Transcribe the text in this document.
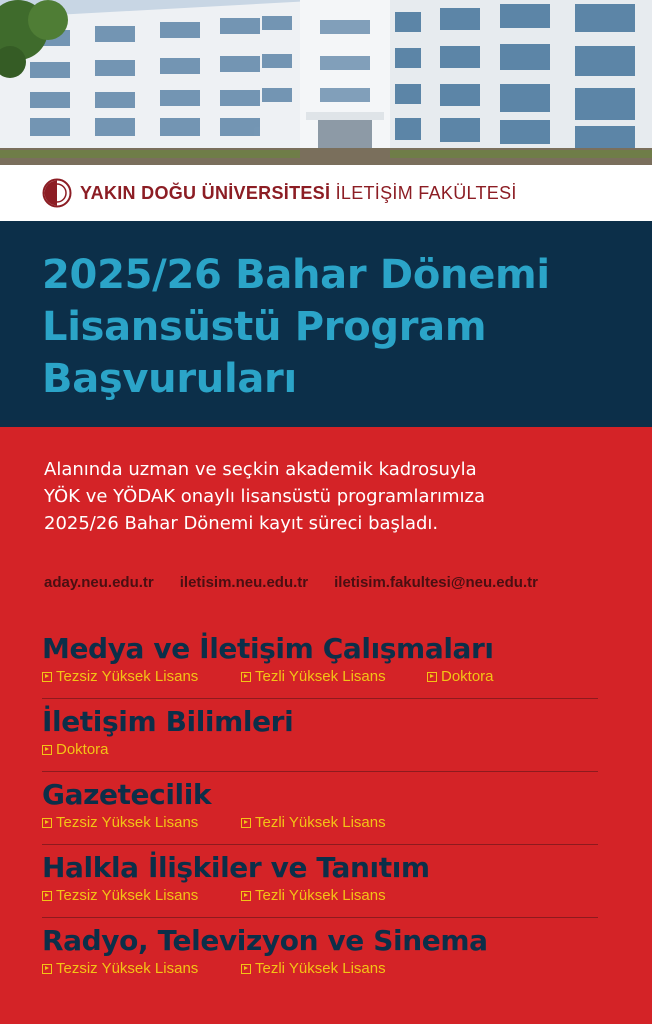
YAKIN DOĞU ÜNİVERSİTESİ İLETİŞİM FAKÜLTESİ
2025/26 Bahar Dönemi
Lisansüstü Program
Başvuruları

Alanında uzman ve seçkin akademik kadrosuyla
YÖK ve YÖDAK onaylı lisansüstü programlarımıza
2025/26 Bahar Dönemi kayıt süreci başladı.

aday.neu.edu.tr iletisim.neu.edu.tr iletisim.fakultesi@neu.edu.tr
Medya ve İletişim Çalışmaları
Tezsiz Yüksek Lisans	Tezli Yüksek Lisans	Doktora
İletişim Bilimleri
Doktora
Gazetecilik
Tezsiz Yüksek Lisans	Tezli Yüksek Lisans
Halkla İlişkiler ve Tanıtım
Tezsiz Yüksek Lisans	Tezli Yüksek Lisans
Radyo, Televizyon ve Sinema
Tezsiz Yüksek Lisans	Tezli Yüksek Lisans
